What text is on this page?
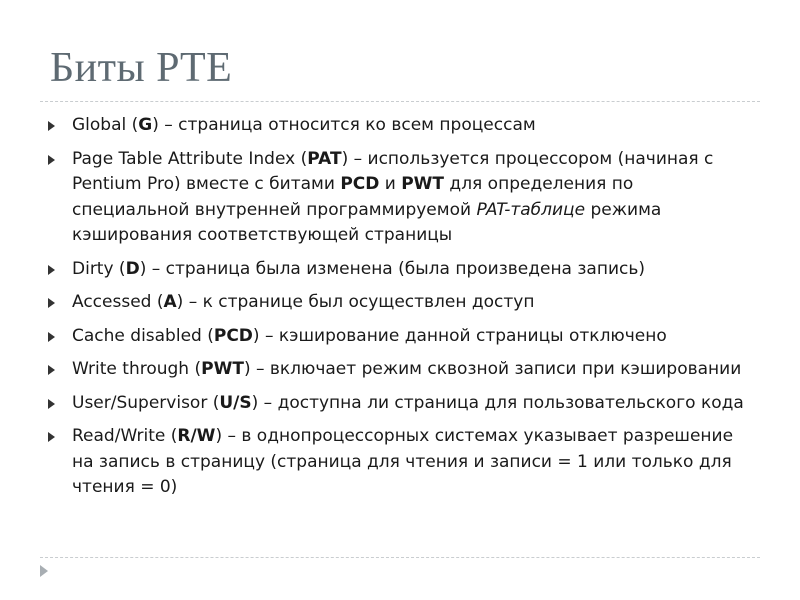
Биты PTE
Global (G) – страница относится ко всем процессам
Page Table Attribute Index (PAT) – используется процессором (начиная с Pentium Pro) вместе с битами PCD и PWT для определения по специальной внутренней программируемой PAT-таблице режима кэширования соответствующей страницы
Dirty (D) – страница была изменена (была произведена запись)
Accessed (A) – к странице был осуществлен доступ
Cache disabled (PCD) – кэширование данной страницы отключено
Write through (PWT) – включает режим сквозной записи при кэшировании
User/Supervisor (U/S) – доступна ли страница для пользовательского кода
Read/Write (R/W) – в однопроцессорных системах указывает разрешение на запись в страницу (страница для чтения и записи = 1 или только для чтения = 0)
